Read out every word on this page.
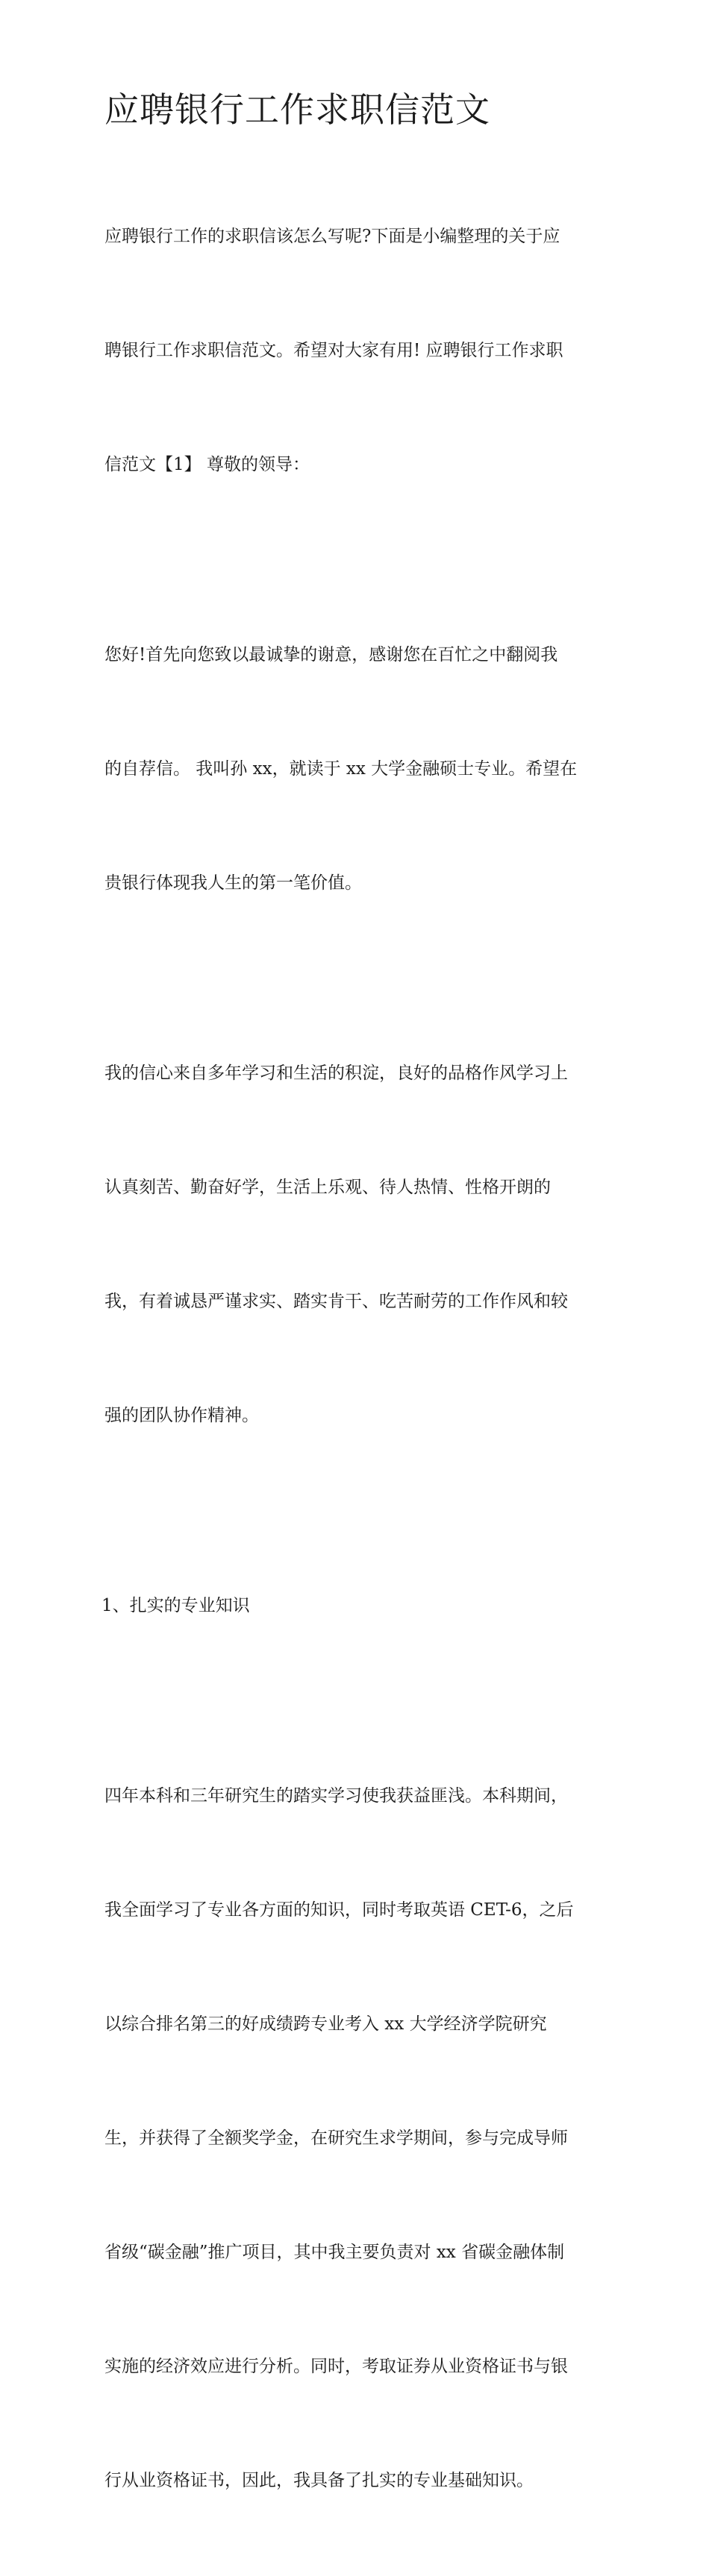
应聘银行工作求职信范文

应聘银行工作的求职信该怎么写呢?下面是小编整理的关于应

聘银行工作求职信范文。希望对大家有用! 应聘银行工作求职

信范文【1】 尊敬的领导：

您好!首先向您致以最诚挚的谢意，感谢您在百忙之中翻阅我

的自荐信。 我叫孙 xx，就读于 xx 大学金融硕士专业。希望在

贵银行体现我人生的第一笔价值。

我的信心来自多年学习和生活的积淀，良好的品格作风学习上

认真刻苦、勤奋好学，生活上乐观、待人热情、性格开朗的

我，有着诚恳严谨求实、踏实肯干、吃苦耐劳的工作作风和较

强的团队协作精神。

1、扎实的专业知识

四年本科和三年研究生的踏实学习使我获益匪浅。本科期间，

我全面学习了专业各方面的知识，同时考取英语 CET-6，之后

以综合排名第三的好成绩跨专业考入 xx 大学经济学院研究

生，并获得了全额奖学金，在研究生求学期间，参与完成导师

省级“碳金融”推广项目，其中我主要负责对 xx 省碳金融体制

实施的经济效应进行分析。同时，考取证券从业资格证书与银

行从业资格证书，因此，我具备了扎实的专业基础知识。
